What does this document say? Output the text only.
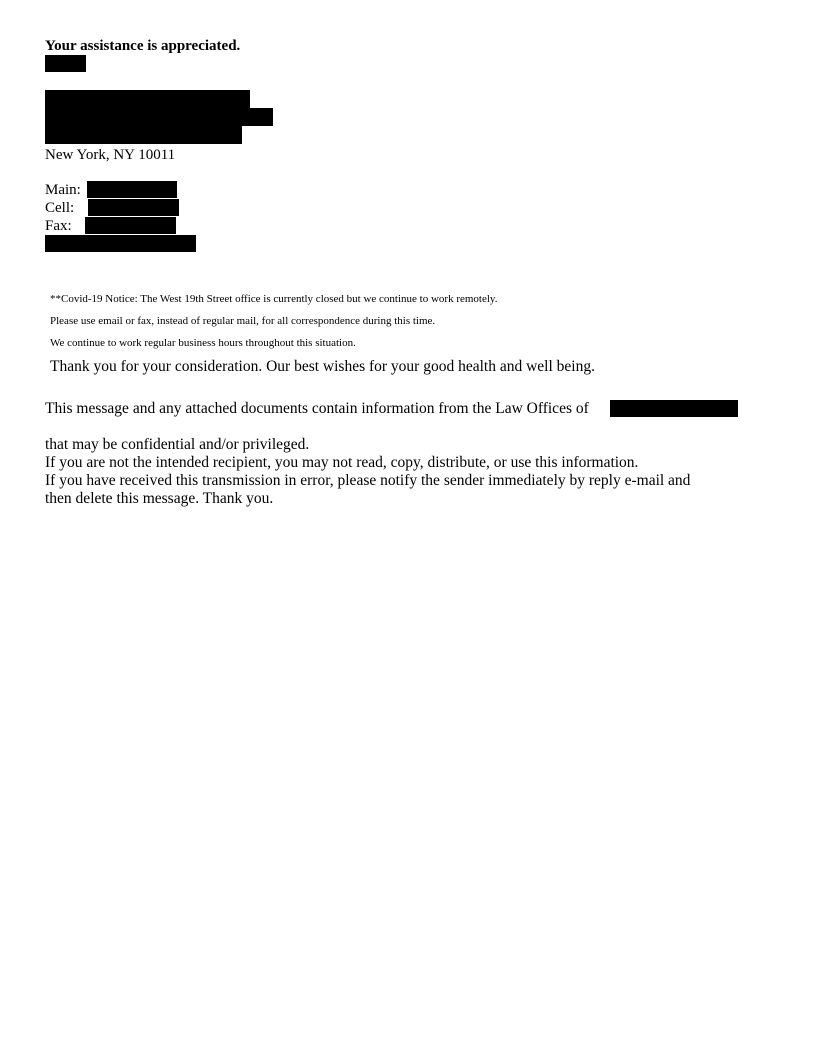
Your assistance is appreciated.
New York, NY 10011
Main:
Cell:
Fax:
**Covid-19 Notice: The West 19th Street office is currently closed but we continue to work remotely.
Please use email or fax, instead of regular mail, for all correspondence during this time.
We continue to work regular business hours throughout this situation.
Thank you for your consideration. Our best wishes for your good health and well being.
This message and any attached documents contain information from the Law Offices of
that may be confidential and/or privileged.
If you are not the intended recipient, you may not read, copy, distribute, or use this information.
If you have received this transmission in error, please notify the sender immediately by reply e-mail and
then delete this message. Thank you.
